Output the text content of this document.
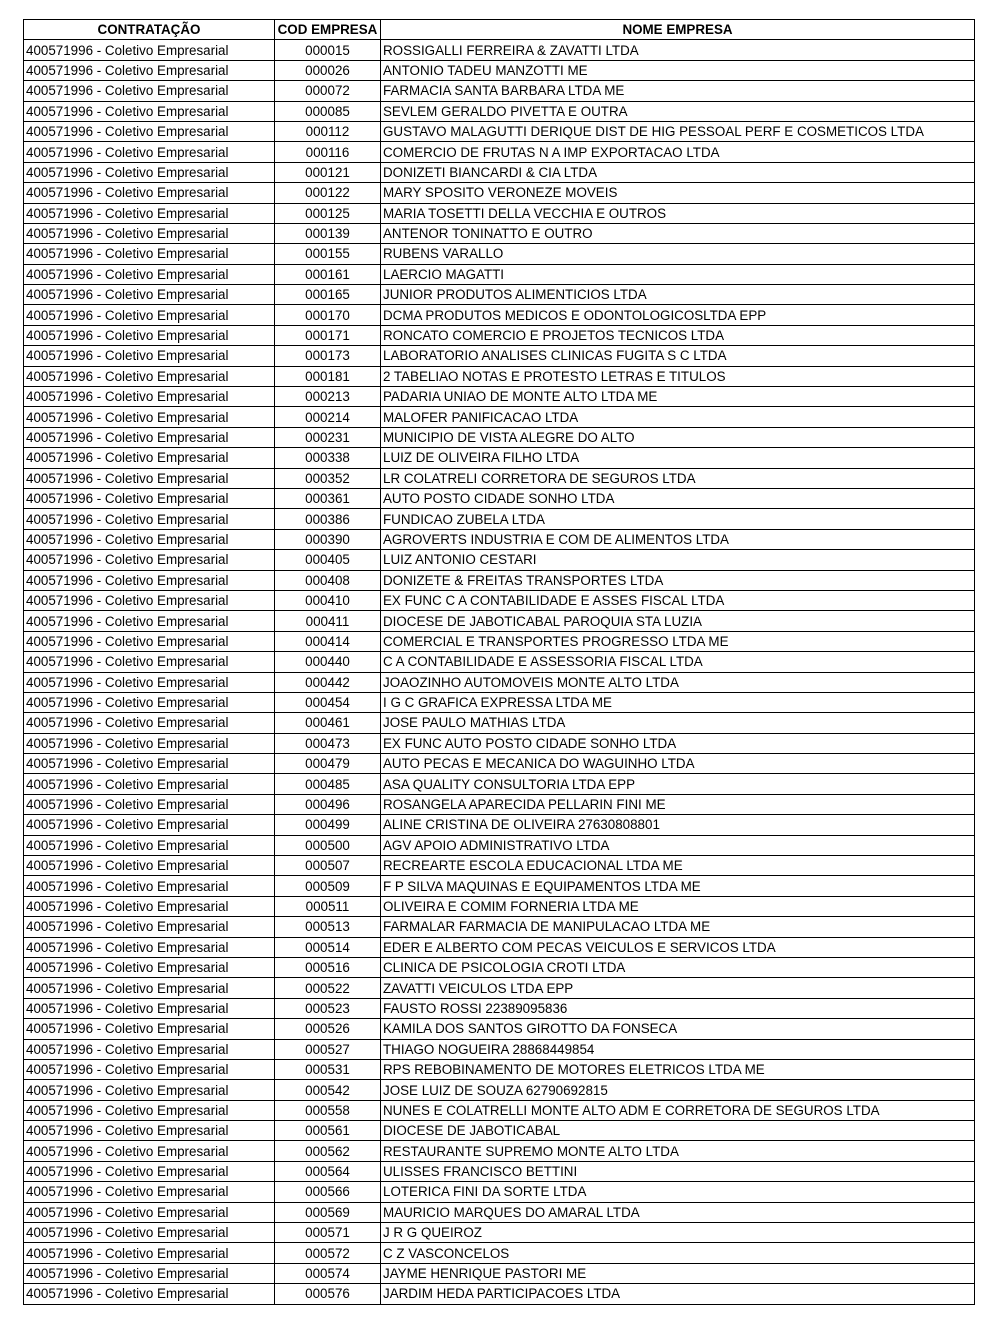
CONTRATAÇÃO	COD EMPRESA	NOME EMPRESA
400571996 - Coletivo Empresarial	000015	ROSSIGALLI FERREIRA & ZAVATTI LTDA
400571996 - Coletivo Empresarial	000026	ANTONIO TADEU MANZOTTI ME
400571996 - Coletivo Empresarial	000072	FARMACIA SANTA BARBARA LTDA ME
400571996 - Coletivo Empresarial	000085	SEVLEM GERALDO PIVETTA E OUTRA
400571996 - Coletivo Empresarial	000112	GUSTAVO MALAGUTTI DERIQUE DIST DE HIG PESSOAL PERF E COSMETICOS LTDA
400571996 - Coletivo Empresarial	000116	COMERCIO DE FRUTAS N A IMP EXPORTACAO LTDA
400571996 - Coletivo Empresarial	000121	DONIZETI BIANCARDI & CIA LTDA
400571996 - Coletivo Empresarial	000122	MARY SPOSITO VERONEZE MOVEIS
400571996 - Coletivo Empresarial	000125	MARIA TOSETTI DELLA VECCHIA E OUTROS
400571996 - Coletivo Empresarial	000139	ANTENOR TONINATTO E OUTRO
400571996 - Coletivo Empresarial	000155	RUBENS VARALLO
400571996 - Coletivo Empresarial	000161	LAERCIO MAGATTI
400571996 - Coletivo Empresarial	000165	JUNIOR PRODUTOS ALIMENTICIOS LTDA
400571996 - Coletivo Empresarial	000170	DCMA PRODUTOS MEDICOS E ODONTOLOGICOSLTDA EPP
400571996 - Coletivo Empresarial	000171	RONCATO COMERCIO E PROJETOS TECNICOS LTDA
400571996 - Coletivo Empresarial	000173	LABORATORIO ANALISES CLINICAS FUGITA S C LTDA
400571996 - Coletivo Empresarial	000181	2 TABELIAO NOTAS E PROTESTO LETRAS E TITULOS
400571996 - Coletivo Empresarial	000213	PADARIA UNIAO DE MONTE ALTO LTDA ME
400571996 - Coletivo Empresarial	000214	MALOFER PANIFICACAO LTDA
400571996 - Coletivo Empresarial	000231	MUNICIPIO DE VISTA ALEGRE DO ALTO
400571996 - Coletivo Empresarial	000338	LUIZ DE OLIVEIRA FILHO LTDA
400571996 - Coletivo Empresarial	000352	LR COLATRELI CORRETORA DE SEGUROS LTDA
400571996 - Coletivo Empresarial	000361	AUTO POSTO CIDADE SONHO LTDA
400571996 - Coletivo Empresarial	000386	FUNDICAO ZUBELA LTDA
400571996 - Coletivo Empresarial	000390	AGROVERTS INDUSTRIA E COM DE ALIMENTOS LTDA
400571996 - Coletivo Empresarial	000405	LUIZ ANTONIO CESTARI
400571996 - Coletivo Empresarial	000408	DONIZETE & FREITAS TRANSPORTES LTDA
400571996 - Coletivo Empresarial	000410	EX FUNC C A CONTABILIDADE E ASSES FISCAL LTDA
400571996 - Coletivo Empresarial	000411	DIOCESE DE JABOTICABAL PAROQUIA STA LUZIA
400571996 - Coletivo Empresarial	000414	COMERCIAL E TRANSPORTES PROGRESSO LTDA ME
400571996 - Coletivo Empresarial	000440	C A CONTABILIDADE E ASSESSORIA FISCAL LTDA
400571996 - Coletivo Empresarial	000442	JOAOZINHO AUTOMOVEIS MONTE ALTO LTDA
400571996 - Coletivo Empresarial	000454	I G C GRAFICA EXPRESSA LTDA ME
400571996 - Coletivo Empresarial	000461	JOSE PAULO MATHIAS LTDA
400571996 - Coletivo Empresarial	000473	EX FUNC AUTO POSTO CIDADE SONHO LTDA
400571996 - Coletivo Empresarial	000479	AUTO PECAS E MECANICA DO WAGUINHO LTDA
400571996 - Coletivo Empresarial	000485	ASA QUALITY CONSULTORIA LTDA EPP
400571996 - Coletivo Empresarial	000496	ROSANGELA APARECIDA PELLARIN FINI ME
400571996 - Coletivo Empresarial	000499	ALINE CRISTINA DE OLIVEIRA 27630808801
400571996 - Coletivo Empresarial	000500	AGV APOIO ADMINISTRATIVO LTDA
400571996 - Coletivo Empresarial	000507	RECREARTE ESCOLA EDUCACIONAL LTDA ME
400571996 - Coletivo Empresarial	000509	F P SILVA MAQUINAS E EQUIPAMENTOS LTDA ME
400571996 - Coletivo Empresarial	000511	OLIVEIRA E COMIM FORNERIA LTDA ME
400571996 - Coletivo Empresarial	000513	FARMALAR FARMACIA DE MANIPULACAO LTDA ME
400571996 - Coletivo Empresarial	000514	EDER E ALBERTO COM PECAS VEICULOS E SERVICOS LTDA
400571996 - Coletivo Empresarial	000516	CLINICA DE PSICOLOGIA CROTI LTDA
400571996 - Coletivo Empresarial	000522	ZAVATTI VEICULOS LTDA EPP
400571996 - Coletivo Empresarial	000523	FAUSTO ROSSI 22389095836
400571996 - Coletivo Empresarial	000526	KAMILA DOS SANTOS GIROTTO DA FONSECA
400571996 - Coletivo Empresarial	000527	THIAGO NOGUEIRA 28868449854
400571996 - Coletivo Empresarial	000531	RPS REBOBINAMENTO DE MOTORES ELETRICOS LTDA ME
400571996 - Coletivo Empresarial	000542	JOSE LUIZ DE SOUZA 62790692815
400571996 - Coletivo Empresarial	000558	NUNES E COLATRELLI MONTE ALTO ADM E CORRETORA DE SEGUROS LTDA
400571996 - Coletivo Empresarial	000561	DIOCESE DE JABOTICABAL
400571996 - Coletivo Empresarial	000562	RESTAURANTE SUPREMO MONTE ALTO LTDA
400571996 - Coletivo Empresarial	000564	ULISSES FRANCISCO BETTINI
400571996 - Coletivo Empresarial	000566	LOTERICA FINI DA SORTE LTDA
400571996 - Coletivo Empresarial	000569	MAURICIO MARQUES DO AMARAL LTDA
400571996 - Coletivo Empresarial	000571	J R G QUEIROZ
400571996 - Coletivo Empresarial	000572	C Z VASCONCELOS
400571996 - Coletivo Empresarial	000574	JAYME HENRIQUE PASTORI ME
400571996 - Coletivo Empresarial	000576	JARDIM HEDA PARTICIPACOES LTDA
